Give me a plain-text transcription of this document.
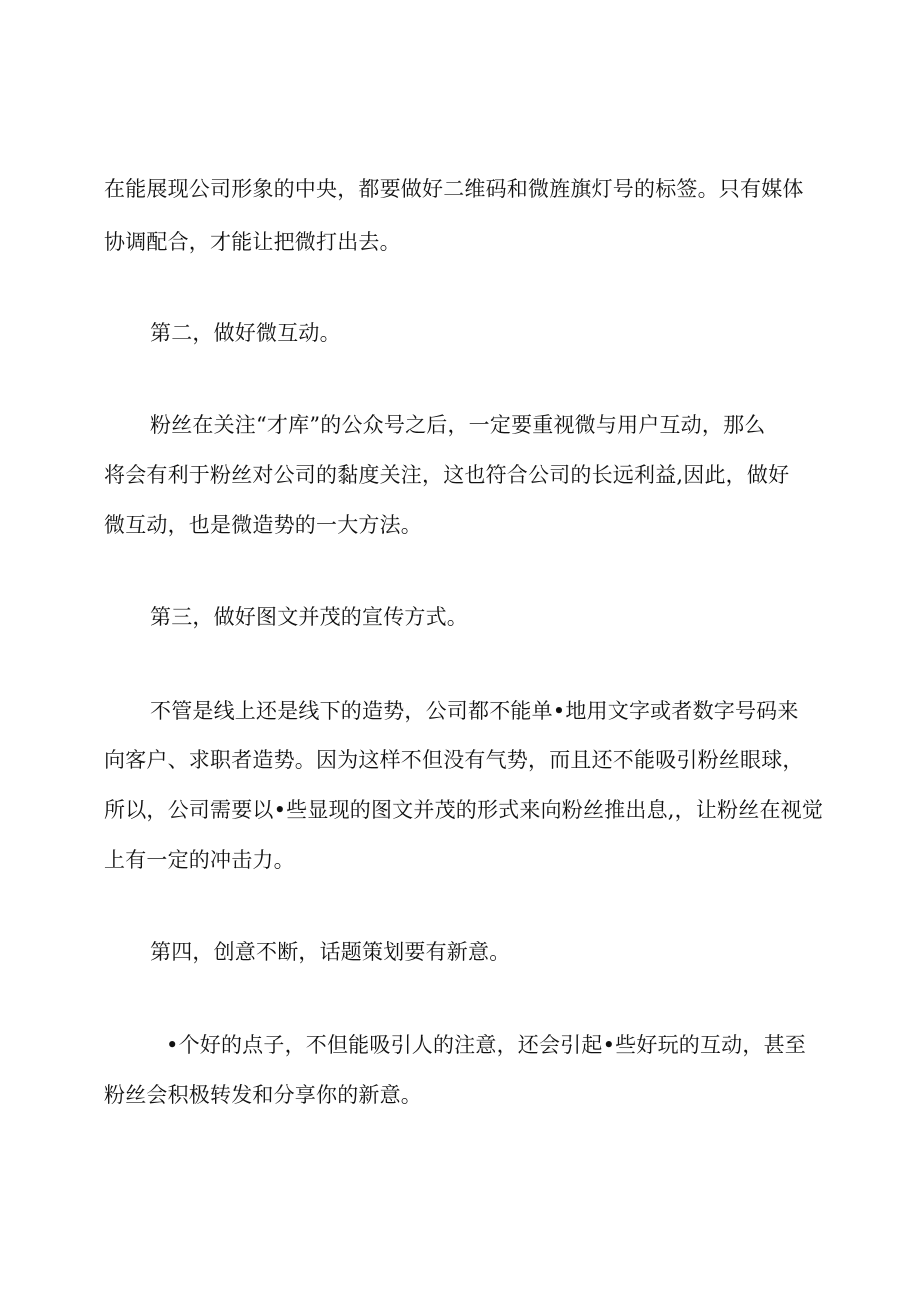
在能展现公司形象的中央，都要做好二维码和微旌旗灯号的标签。只有媒体
协调配合，才能让把微打出去。
第二，做好微互动。
粉丝在关注“才库”的公众号之后，一定要重视微与用户互动，那么
将会有利于粉丝对公司的黏度关注，这也符合公司的长远利益,因此，做好
微互动，也是微造势的一大方法。
第三，做好图文并茂的宣传方式。
不管是线上还是线下的造势，公司都不能单•地用文字或者数字号码来
向客户、求职者造势。因为这样不但没有气势，而且还不能吸引粉丝眼球，
所以，公司需要以•些显现的图文并茂的形式来向粉丝推出息,，让粉丝在视觉
上有一定的冲击力。
第四，创意不断，话题策划要有新意。
•个好的点子，不但能吸引人的注意，还会引起•些好玩的互动，甚至
粉丝会积极转发和分享你的新意。
